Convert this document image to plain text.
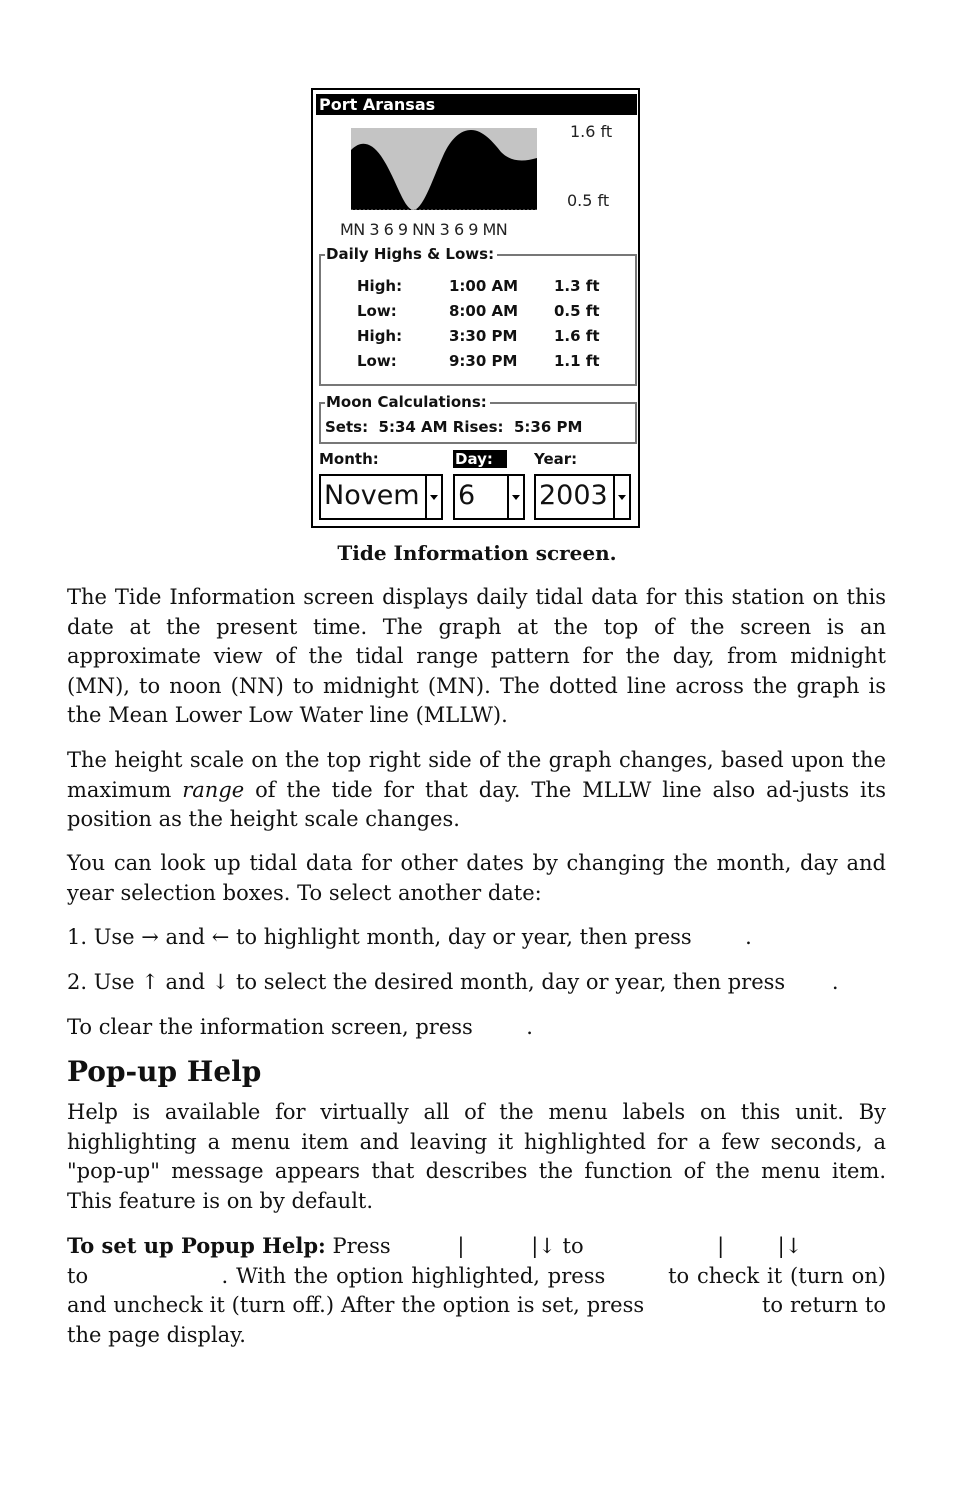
Port Aransas
1.6 ft
0.5 ft
MN 3 6 9 NN 3 6 9 MN
Daily Highs & Lows:
High:	1:00 AM	1.3 ft
Low:	8:00 AM	0.5 ft
High:	3:30 PM	1.6 ft
Low:	9:30 PM	1.1 ft
Moon Calculations:
Sets:  5:34 AM Rises:  5:36 PM
Month:	Day:	Year:
Novem	6	2003
Tide Information screen.
The Tide Information screen displays daily tidal data for this station on this date at the present time. The graph at the top of the screen is an approximate view of the tidal range pattern for the day, from midnight (MN), to noon (NN) to midnight (MN). The dotted line across the graph is the Mean Lower Low Water line (MLLW).
The height scale on the top right side of the graph changes, based upon the maximum range of the tide for that day. The MLLW line also ad-justs its position as the height scale changes.
You can look up tidal data for other dates by changing the month, day and year selection boxes. To select another date:
1. Use → and ← to highlight month, day or year, then press        .
2. Use ↑ and ↓ to select the desired month, day or year, then press       .
To clear the information screen, press        .
Pop-up Help
Help is available for virtually all of the menu labels on this unit. By highlighting a menu item and leaving it highlighted for a few seconds, a "pop-up" message appears that describes the function of the menu item. This feature is on by default.
To set up Popup Help: Press          |          |↓ to                    |        |↓
to                 . With the option highlighted, press        to check it (turn on) and uncheck it (turn off.) After the option is set, press                 to return to the page display.
